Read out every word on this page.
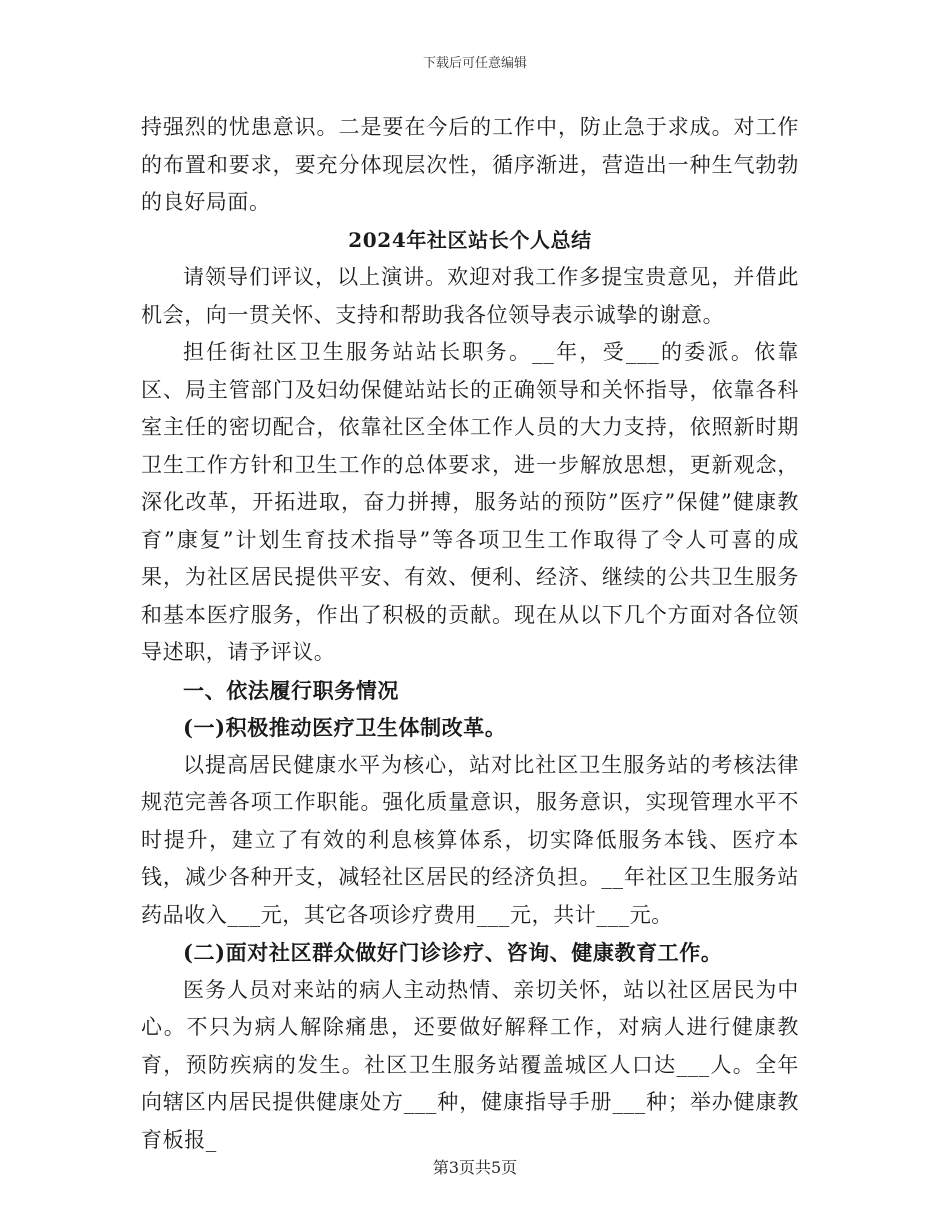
下载后可任意编辑

持强烈的忧患意识。二是要在今后的工作中，防止急于求成。对工作的布置和要求，要充分体现层次性，循序渐进，营造出一种生气勃勃的良好局面。

2024年社区站长个人总结

请领导们评议，以上演讲。欢迎对我工作多提宝贵意见，并借此机会，向一贯关怀、支持和帮助我各位领导表示诚挚的谢意。

担任街社区卫生服务站站长职务。__年，受___的委派。依靠区、局主管部门及妇幼保健站站长的正确领导和关怀指导，依靠各科室主任的密切配合，依靠社区全体工作人员的大力支持，依照新时期卫生工作方针和卫生工作的总体要求，进一步解放思想，更新观念，深化改革，开拓进取，奋力拼搏，服务站的预防”医疗”保健”健康教育”康复”计划生育技术指导”等各项卫生工作取得了令人可喜的成果，为社区居民提供平安、有效、便利、经济、继续的公共卫生服务和基本医疗服务，作出了积极的贡献。现在从以下几个方面对各位领导述职，请予评议。

一、依法履行职务情况

(一)积极推动医疗卫生体制改革。

以提高居民健康水平为核心，站对比社区卫生服务站的考核法律规范完善各项工作职能。强化质量意识，服务意识，实现管理水平不时提升，建立了有效的利息核算体系，切实降低服务本钱、医疗本钱，减少各种开支，减轻社区居民的经济负担。__年社区卫生服务站药品收入___元，其它各项诊疗费用___元，共计___元。

(二)面对社区群众做好门诊诊疗、咨询、健康教育工作。

医务人员对来站的病人主动热情、亲切关怀，站以社区居民为中心。不只为病人解除痛患，还要做好解释工作，对病人进行健康教育，预防疾病的发生。社区卫生服务站覆盖城区人口达___人。全年向辖区内居民提供健康处方___种，健康指导手册___种；举办健康教育板报_

第3页共5页
